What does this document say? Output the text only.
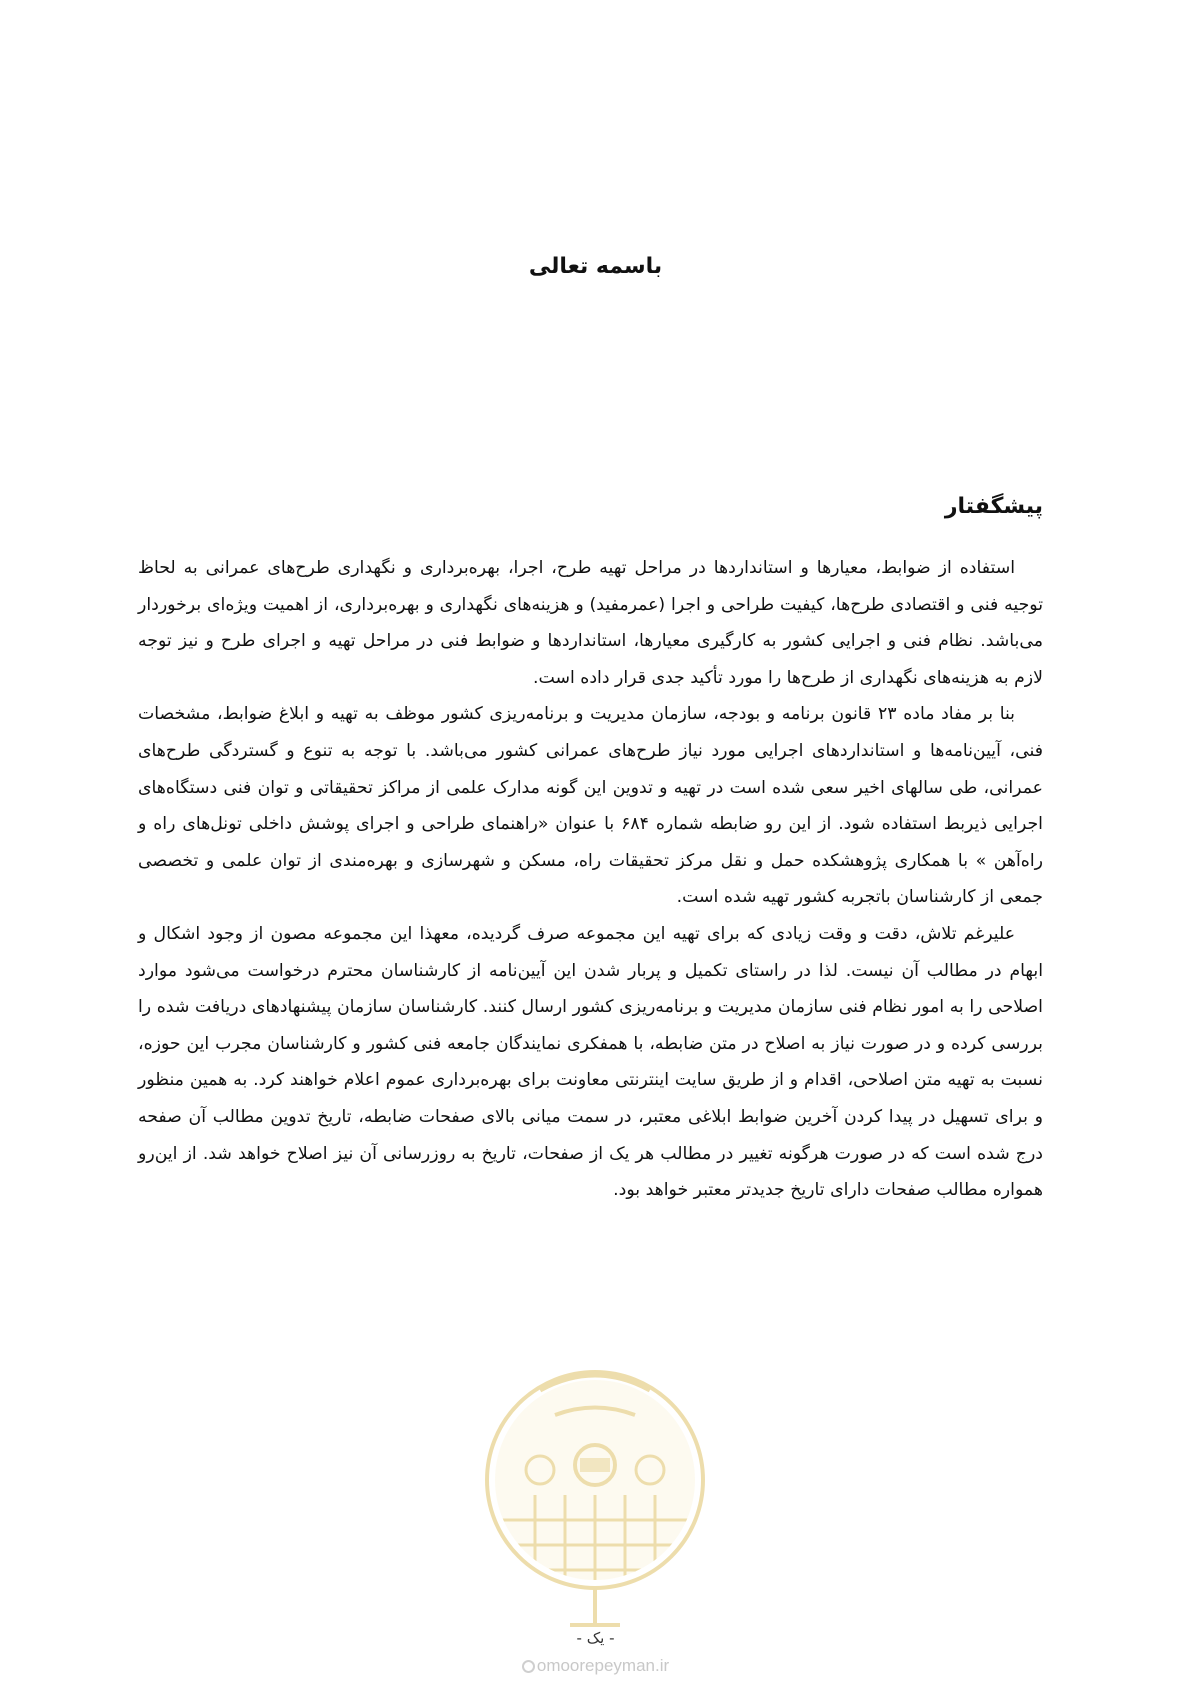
باسمه تعالی
پیشگفتار

استفاده از ضوابط، معیارها و استانداردها در مراحل تهیه طرح، اجرا، بهره‌برداری و نگهداری طرح‌های عمرانی به لحاظ توجیه فنی و اقتصادی طرح‌ها، کیفیت طراحی و اجرا (عمرمفید) و هزینه‌های نگهداری و بهره‌برداری، از اهمیت ویژه‌ای برخوردار می‌باشد. نظام فنی و اجرایی کشور به کارگیری معیارها، استانداردها و ضوابط فنی در مراحل تهیه و اجرای طرح و نیز توجه لازم به هزینه‌های نگهداری از طرح‌ها را مورد تأکید جدی قرار داده است.

بنا بر مفاد ماده ۲۳ قانون برنامه و بودجه، سازمان مدیریت و برنامه‌ریزی کشور موظف به تهیه و ابلاغ ضوابط، مشخصات فنی، آیین‌نامه‌ها و استانداردهای اجرایی مورد نیاز طرح‌های عمرانی کشور می‌باشد. با توجه به تنوع و گستردگی طرح‌های عمرانی، طی سالهای اخیر سعی شده است در تهیه و تدوین این گونه مدارک علمی از مراکز تحقیقاتی و توان فنی دستگاه‌های اجرایی ذیربط استفاده شود. از این رو ضابطه شماره ۶۸۴ با عنوان «راهنمای طراحی و اجرای پوشش داخلی تونل‌های راه و راه‌آهن » با همکاری پژوهشکده حمل و نقل مرکز تحقیقات راه، مسکن و شهرسازی و بهره‌مندی از توان علمی و تخصصی جمعی از کارشناسان باتجربه کشور تهیه شده است.

علیرغم تلاش، دقت و وقت زیادی که برای تهیه این مجموعه صرف گردیده، معهذا این مجموعه مصون از وجود اشکال و ابهام در مطالب آن نیست. لذا در راستای تکمیل و پربار شدن این آیین‌نامه از کارشناسان محترم درخواست می‌شود موارد اصلاحی را به امور نظام فنی سازمان مدیریت و برنامه‌ریزی کشور ارسال کنند. کارشناسان سازمان پیشنهادهای دریافت شده را بررسی کرده و در صورت نیاز به اصلاح در متن ضابطه، با همفکری نمایندگان جامعه فنی کشور و کارشناسان مجرب این حوزه، نسبت به تهیه متن اصلاحی، اقدام و از طریق سایت اینترنتی معاونت برای بهره‌برداری عموم اعلام خواهند کرد. به همین منظور و برای تسهیل در پیدا کردن آخرین ضوابط ابلاغی معتبر، در سمت میانی بالای صفحات ضابطه، تاریخ تدوین مطالب آن صفحه درج شده است که در صورت هرگونه تغییر در مطالب هر یک از صفحات، تاریخ به روزرسانی آن نیز اصلاح خواهد شد. از این‌رو همواره مطالب صفحات دارای تاریخ جدیدتر معتبر خواهد بود.

- یک -
omoorepeyman.ir
